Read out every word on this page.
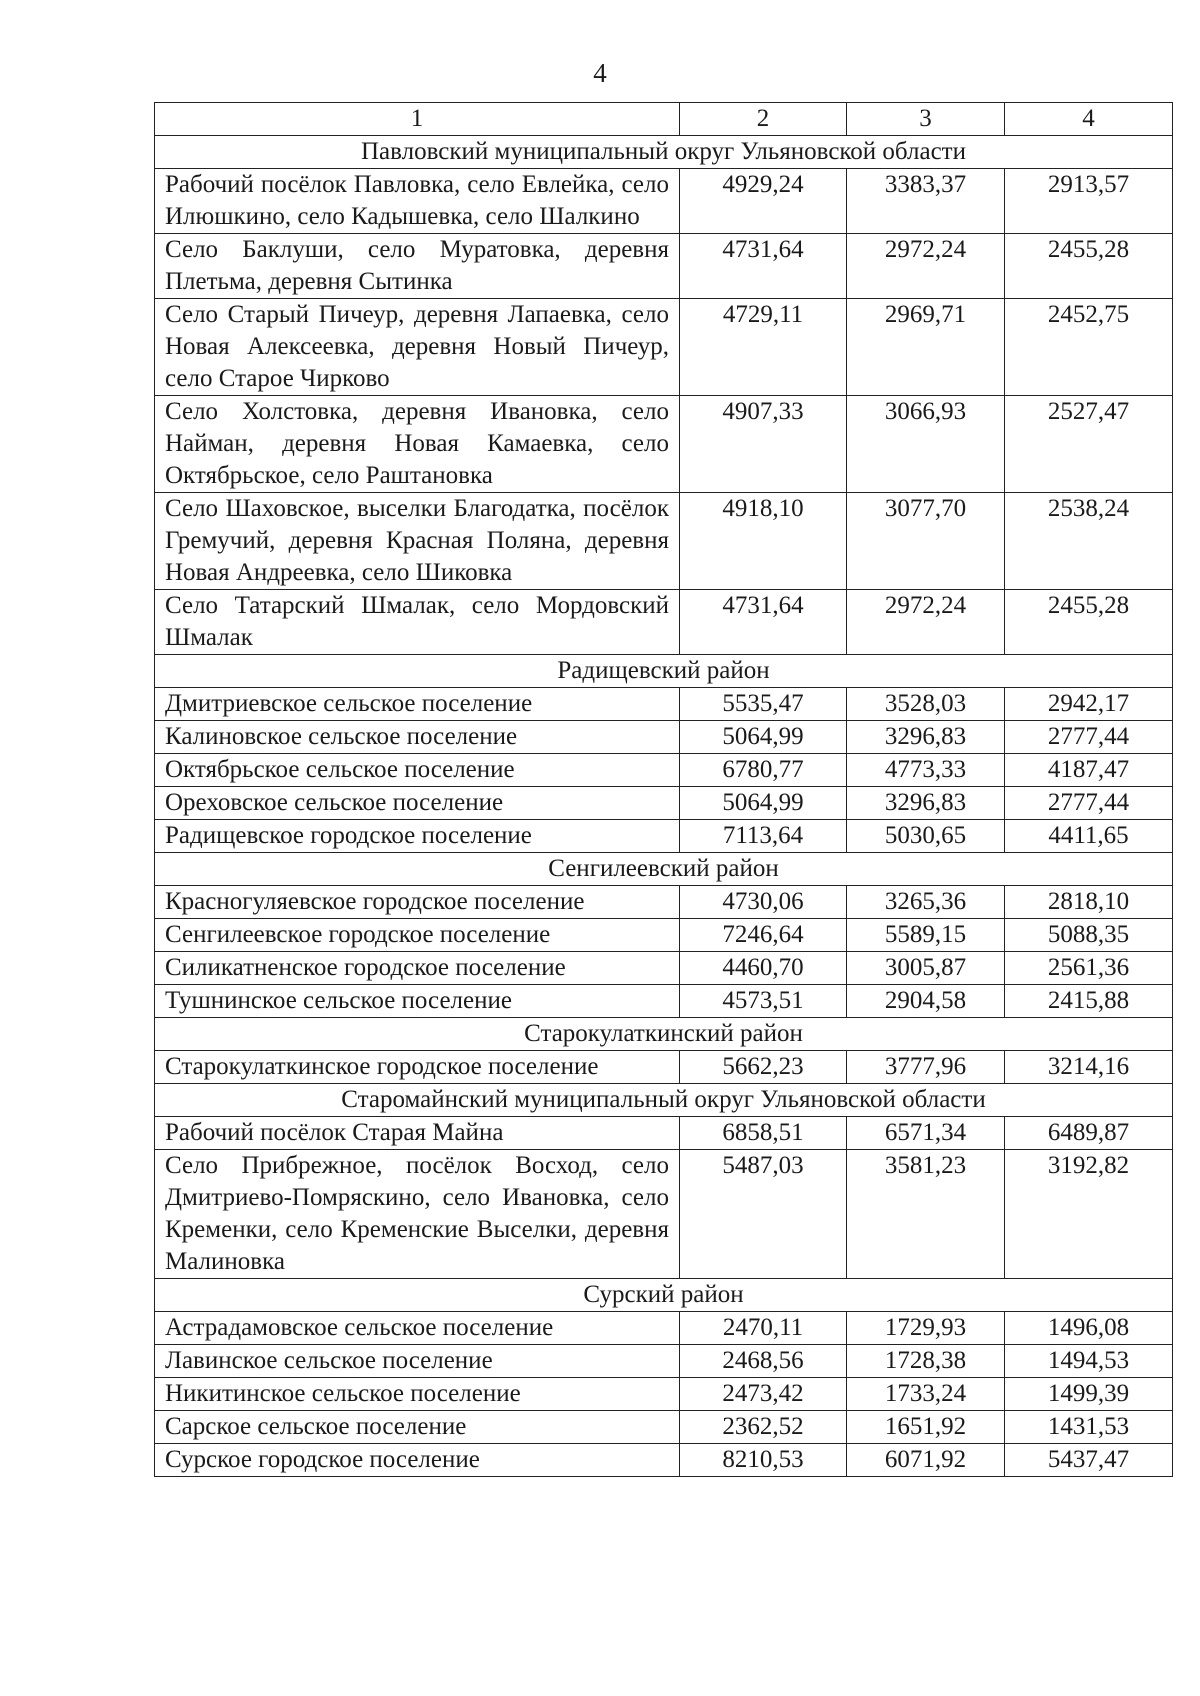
4
1	2	3	4
Павловский муниципальный округ Ульяновской области			
Рабочий посёлок Павловка, село Евлейка, село Илюшкино, село Кадышевка, село Шалкино	4929,24	3383,37	2913,57
Село Баклуши, село Муратовка, деревня Плетьма, деревня Сытинка	4731,64	2972,24	2455,28
Село Старый Пичеур, деревня Лапаевка, село Новая Алексеевка, деревня Новый Пичеур, село Старое Чирково	4729,11	2969,71	2452,75
Село Холстовка, деревня Ивановка, село Найман, деревня Новая Камаевка, село Октябрьское, село Раштановка	4907,33	3066,93	2527,47
Село Шаховское, выселки Благодатка, посёлок Гремучий, деревня Красная Поляна, деревня Новая Андреевка, село Шиковка	4918,10	3077,70	2538,24
Село Татарский Шмалак, село Мордовский Шмалак	4731,64	2972,24	2455,28
Радищевский район			
Дмитриевское сельское поселение	5535,47	3528,03	2942,17
Калиновское сельское поселение	5064,99	3296,83	2777,44
Октябрьское сельское поселение	6780,77	4773,33	4187,47
Ореховское сельское поселение	5064,99	3296,83	2777,44
Радищевское городское поселение	7113,64	5030,65	4411,65
Сенгилеевский район			
Красногуляевское городское поселение	4730,06	3265,36	2818,10
Сенгилеевское городское поселение	7246,64	5589,15	5088,35
Силикатненское городское поселение	4460,70	3005,87	2561,36
Тушнинское сельское поселение	4573,51	2904,58	2415,88
Старокулаткинский район			
Старокулаткинское городское поселение	5662,23	3777,96	3214,16
Старомайнский муниципальный округ Ульяновской области			
Рабочий посёлок Старая Майна	6858,51	6571,34	6489,87
Село Прибрежное, посёлок Восход, село Дмитриево-Помряскино, село Ивановка, село Кременки, село Кременские Выселки, деревня Малиновка	5487,03	3581,23	3192,82
Сурский район			
Астрадамовское сельское поселение	2470,11	1729,93	1496,08
Лавинское сельское поселение	2468,56	1728,38	1494,53
Никитинское сельское поселение	2473,42	1733,24	1499,39
Сарское сельское поселение	2362,52	1651,92	1431,53
Сурское городское поселение	8210,53	6071,92	5437,47
